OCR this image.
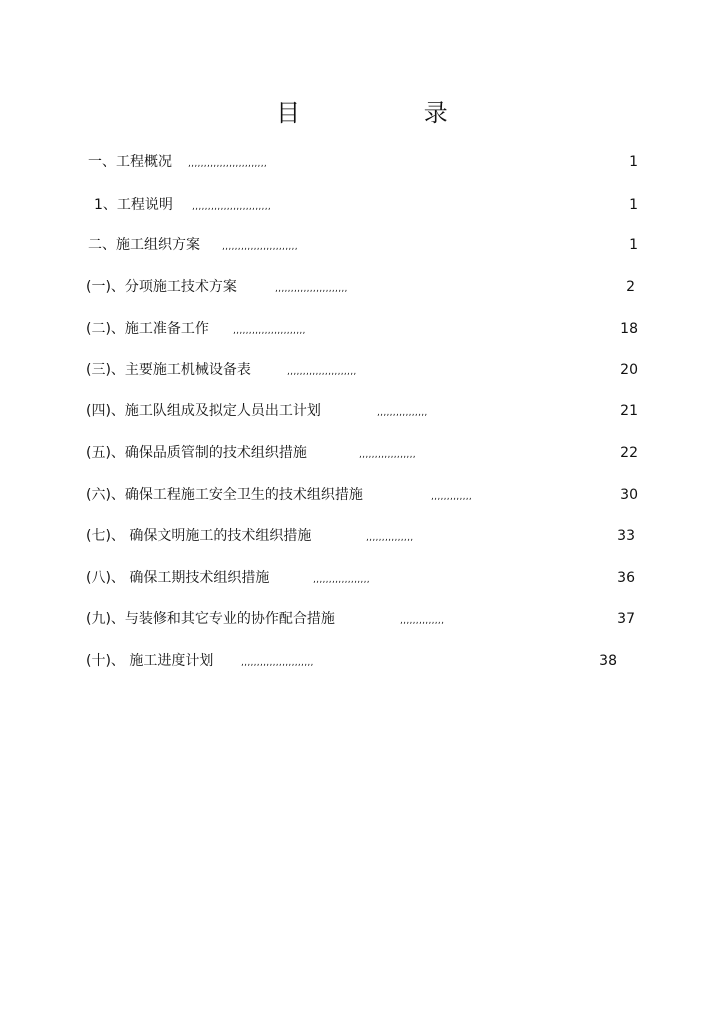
目 录
一、工程概况 ,,,,,,,,,,,,,,,,,,,,,,,,,	1
1、工程说明 ,,,,,,,,,,,,,,,,,,,,,,,,,	1
二、施工组织方案 ,,,,,,,,,,,,,,,,,,,,,,,,	1
(一)、分项施工技术方案	,,,,,,,,,,,,,,,,,,,,,,,	2
(二)、施工准备工作	,,,,,,,,,,,,,,,,,,,,,,,	18
(三)、主要施工机械设备表	,,,,,,,,,,,,,,,,,,,,,,	20
(四)、施工队组成及拟定人员出工计划	,,,,,,,,,,,,,,,,	21
(五)、确保品质管制的技术组织措施	,,,,,,,,,,,,,,,,,,	22
(六)、确保工程施工安全卫生的技术组织措施	,,,,,,,,,,,,,	30
(七)、 确保文明施工的技术组织措施	,,,,,,,,,,,,,,,	33
(八)、 确保工期技术组织措施	,,,,,,,,,,,,,,,,,,	36
(九)、与装修和其它专业的协作配合措施	,,,,,,,,,,,,,,	37
(十)、 施工进度计划	,,,,,,,,,,,,,,,,,,,,,,,	38
